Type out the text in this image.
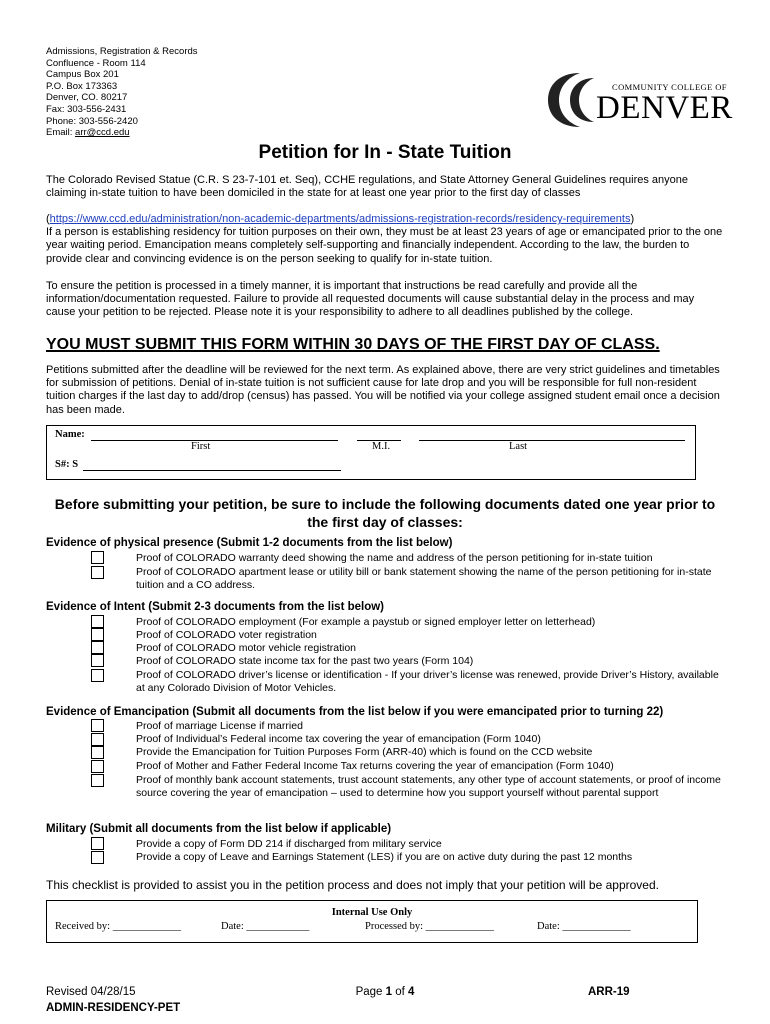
Admissions, Registration & Records
Confluence - Room 114
Campus Box 201
P.O. Box 173363
Denver, CO. 80217
Fax: 303-556-2431
Phone: 303-556-2420
Email: arr@ccd.edu
COMMUNITY COLLEGE OF
DENVER
Petition for In - State Tuition
The Colorado Revised Statue (C.R. S 23-7-101 et. Seq), CCHE regulations, and State Attorney General Guidelines requires anyone claiming in-state tuition to have been domiciled in the state for at least one year prior to the first day of classes
(https://www.ccd.edu/administration/non-academic-departments/admissions-registration-records/residency-requirements)
If a person is establishing residency for tuition purposes on their own, they must be at least 23 years of age or emancipated prior to the one year waiting period. Emancipation means completely self-supporting and financially independent. According to the law, the burden to provide clear and convincing evidence is on the person seeking to qualify for in-state tuition.
To ensure the petition is processed in a timely manner, it is important that instructions be read carefully and provide all the information/documentation requested. Failure to provide all requested documents will cause substantial delay in the process and may cause your petition to be rejected. Please note it is your responsibility to adhere to all deadlines published by the college.
YOU MUST SUBMIT THIS FORM WITHIN 30 DAYS OF THE FIRST DAY OF CLASS.
Petitions submitted after the deadline will be reviewed for the next term. As explained above, there are very strict guidelines and timetables for submission of petitions. Denial of in-state tuition is not sufficient cause for late drop and you will be responsible for full non-resident tuition charges if the last day to add/drop (census) has passed. You will be notified via your college assigned student email once a decision has been made.
Name:
First	M.I.	Last
S#: S
Before submitting your petition, be sure to include the following documents dated one year prior to the first day of classes:
Evidence of physical presence (Submit 1-2 documents from the list below)
Proof of COLORADO warranty deed showing the name and address of the person petitioning for in-state tuition
Proof of COLORADO apartment lease or utility bill or bank statement showing the name of the person petitioning for in-state tuition and a CO address.
Evidence of Intent (Submit 2-3 documents from the list below)
Proof of COLORADO employment (For example a paystub or signed employer letter on letterhead)
Proof of COLORADO voter registration
Proof of COLORADO motor vehicle registration
Proof of COLORADO state income tax for the past two years (Form 104)
Proof of COLORADO driver’s license or identification - If your driver’s license was renewed, provide Driver’s History, available at any Colorado Division of Motor Vehicles.
Evidence of Emancipation (Submit all documents from the list below if you were emancipated prior to turning 22)
Proof of marriage License if married
Proof of Individual’s Federal income tax covering the year of emancipation (Form 1040)
Provide the Emancipation for Tuition Purposes Form (ARR-40) which is found on the CCD website
Proof of Mother and Father Federal Income Tax returns covering the year of emancipation (Form 1040)
Proof of monthly bank account statements, trust account statements, any other type of account statements, or proof of income source covering the year of emancipation – used to determine how you support yourself without parental support
Military (Submit all documents from the list below if applicable)
Provide a copy of Form DD 214 if discharged from military service
Provide a copy of Leave and Earnings Statement (LES) if you are on active duty during the past 12 months
This checklist is provided to assist you in the petition process and does not imply that your petition will be approved.
Internal Use Only
Received by: _____________	Date: ____________	Processed by: _____________	Date: _____________
Revised 04/28/15
ADMIN-RESIDENCY-PET
Page 1 of 4	ARR-19
